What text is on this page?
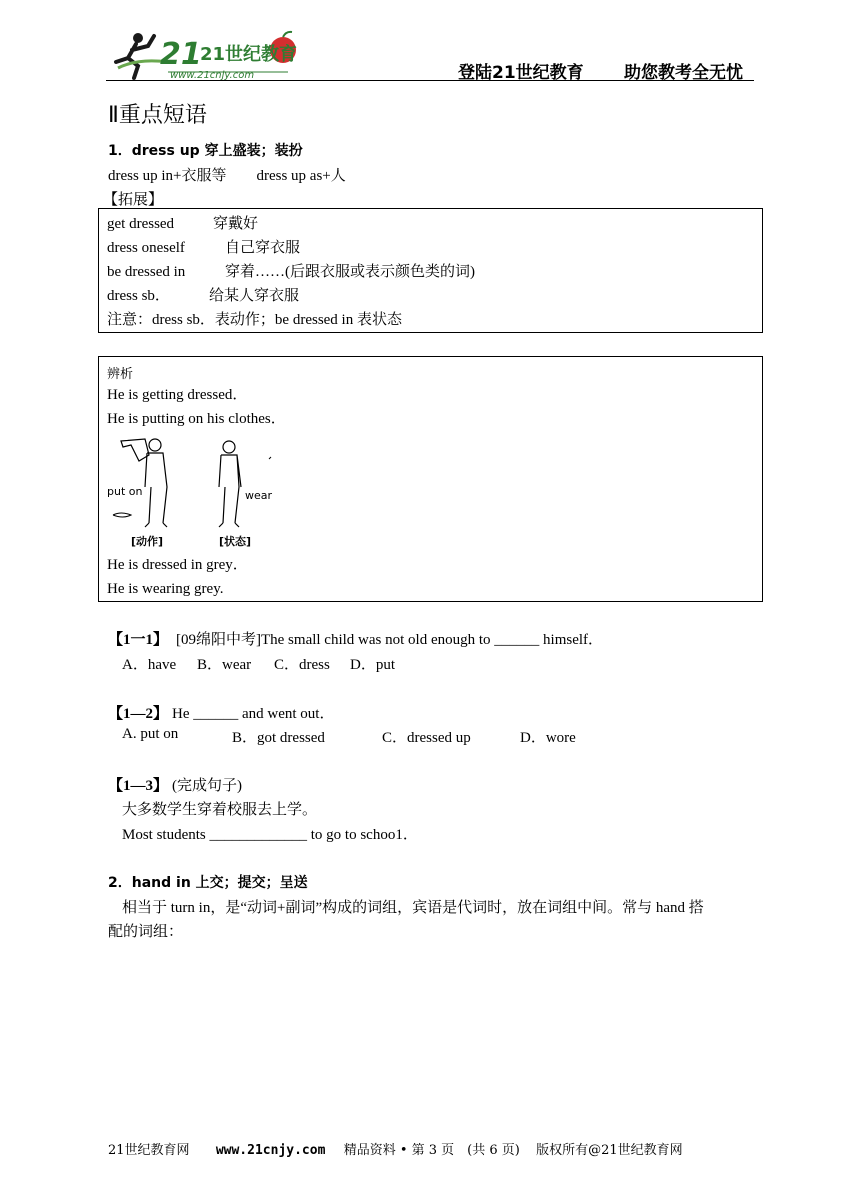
21
21世纪教育
www.21cnjy.com	登陆21世纪教育 助您教考全无忧
Ⅱ重点短语
1．dress up 穿上盛装；装扮
dress up in+衣服等　　dress up as+人
【拓展】
get dressed	穿戴好
dress oneself	自己穿衣服
be dressed in	穿着……(后跟衣服或表示颜色类的词)
dress sb．	给某人穿衣服
注意：dress sb．表动作；be dressed in 表状态
辨析
He is getting dressed．
He is putting on his clothes．
put on	wear
[动作]	[状态]
He is dressed in grey．
He is wearing grey.
【1一1】 [09绵阳中考]The small child was not old enough to ______ himself．
A．have B．wear C．dress D．put
【1—2】 He ______ and went out．
A. put on	B．got dressed	C．dressed up	D．wore
【1—3】 (完成句子)
大多数学生穿着校服去上学。
Most students _____________ to go to schoo1．
2．hand in 上交；提交；呈送
相当于 turn in，是“动词+副词”构成的词组，宾语是代词时，放在词组中间。常与 hand 搭
配的词组：
21世纪教育网 www.21cnjy.com 精品资料 • 第 3 页　(共 6 页) 版权所有@21世纪教育网
